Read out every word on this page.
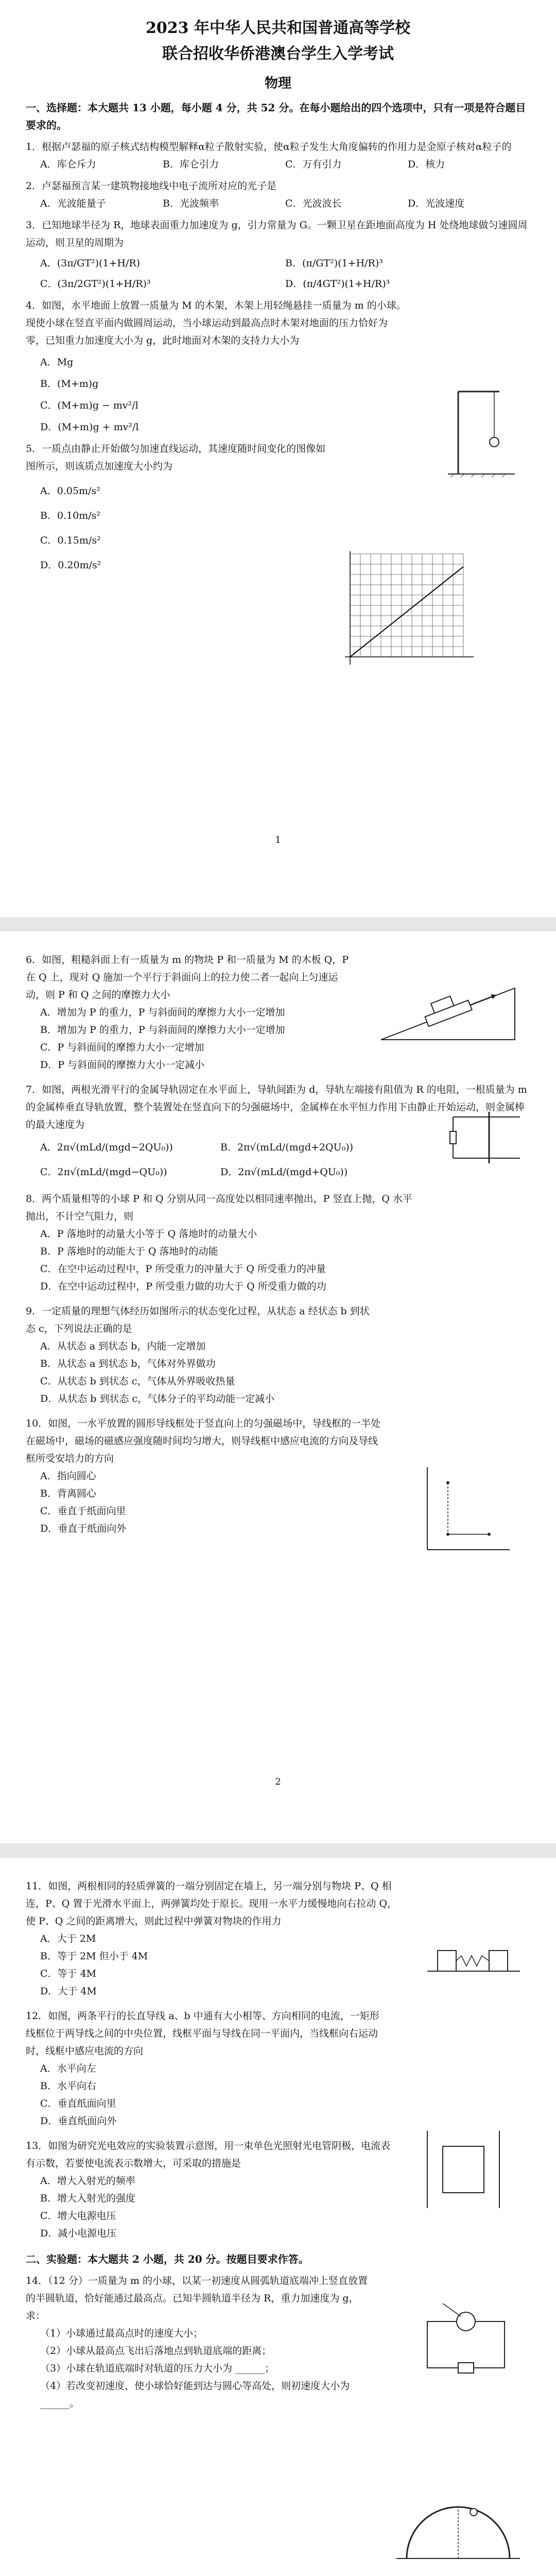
2023 年中华人民共和国普通高等学校
联合招收华侨港澳台学生入学考试
物理
一、选择题：本大题共 13 小题，每小题 4 分，共 52 分。在每小题给出的四个选项中，只有一项是符合题目要求的。
1．根据卢瑟福的原子核式结构模型解释α粒子散射实验，使α粒子发生大角度偏转的作用力是金原子核对α粒子的
A．库仑斥力	B．库仑引力	C．万有引力	D．核力
2．卢瑟福预言某一建筑物接地线中电子流所对应的光子是
A．光波能量子	B．光波频率	C．光波波长	D．光波速度
3．已知地球半径为 R，地球表面重力加速度为 g，引力常量为 G。一颗卫星在距地面高度为 H 处绕地球做匀速圆周运动，则卫星的周期为
A．(3π/GT²)(1+H/R)	B．(π/GT²)(1+H/R)³
C．(3π/2GT²)(1+H/R)³	D．(π/4GT²)(1+H/R)³
4．如图，水平地面上放置一质量为 M 的木架，木架上用轻绳悬挂一质量为 m 的小球。现使小球在竖直平面内做圆周运动，当小球运动到最高点时木架对地面的压力恰好为零，已知重力加速度大小为 g，此时地面对木架的支持力大小为
A．Mg
B．(M+m)g
C．(M+m)g − mv²/l
D．(M+m)g + mv²/l
5．一质点由静止开始做匀加速直线运动，其速度随时间变化的图像如图所示，则该质点加速度大小约为
A．0.05m/s²
B．0.10m/s²
C．0.15m/s²
D．0.20m/s²
1
6．如图，粗糙斜面上有一质量为 m 的物块 P 和一质量为 M 的木板 Q，P 在 Q 上，现对 Q 施加一个平行于斜面向上的拉力使二者一起向上匀速运动，则 P 和 Q 之间的摩擦力大小
A．增加为 P 的重力，P 与斜面间的摩擦力大小一定增加
B．增加为 P 的重力，P 与斜面间的摩擦力大小一定增加
C．P 与斜面间的摩擦力大小一定增加
D．P 与斜面间的摩擦力大小一定减小
7．如图，两根光滑平行的金属导轨固定在水平面上，导轨间距为 d，导轨左端接有阻值为 R 的电阻，一根质量为 m 的金属棒垂直导轨放置，整个装置处在竖直向下的匀强磁场中，金属棒在水平恒力作用下由静止开始运动，则金属棒的最大速度为
A．2π√(mLd/(mgd−2QU₀))	B．2π√(mLd/(mgd+2QU₀))
C．2π√(mLd/(mgd−QU₀))	D．2π√(mLd/(mgd+QU₀))
8．两个质量相等的小球 P 和 Q 分别从同一高度处以相同速率抛出，P 竖直上抛，Q 水平抛出，不计空气阻力，则
A．P 落地时的动量大小等于 Q 落地时的动量大小
B．P 落地时的动能大于 Q 落地时的动能
C．在空中运动过程中，P 所受重力的冲量大于 Q 所受重力的冲量
D．在空中运动过程中，P 所受重力做的功大于 Q 所受重力做的功
9．一定质量的理想气体经历如图所示的状态变化过程，从状态 a 经状态 b 到状态 c，下列说法正确的是
A．从状态 a 到状态 b，内能一定增加
B．从状态 a 到状态 b，气体对外界做功
C．从状态 b 到状态 c，气体从外界吸收热量
D．从状态 b 到状态 c，气体分子的平均动能一定减小
10．如图，一水平放置的圆形导线框处于竖直向上的匀强磁场中，导线框的一半处在磁场中，磁场的磁感应强度随时间均匀增大，则导线框中感应电流的方向及导线框所受安培力的方向
A．指向圆心
B．背离圆心
C．垂直于纸面向里
D．垂直于纸面向外
2
11．如图，两根相同的轻质弹簧的一端分别固定在墙上，另一端分别与物块 P、Q 相连，P、Q 置于光滑水平面上，两弹簧均处于原长。现用一水平力缓慢地向右拉动 Q，使 P、Q 之间的距离增大，则此过程中弹簧对物块的作用力
A．大于 2M
B．等于 2M 但小于 4M
C．等于 4M
D．大于 4M
12．如图，两条平行的长直导线 a、b 中通有大小相等、方向相同的电流，一矩形线框位于两导线之间的中央位置，线框平面与导线在同一平面内，当线框向右运动时，线框中感应电流的方向
A．水平向左
B．水平向右
C．垂直纸面向里
D．垂直纸面向外
13．如图为研究光电效应的实验装置示意图，用一束单色光照射光电管阴极，电流表有示数，若要使电流表示数增大，可采取的措施是
A．增大入射光的频率
B．增大入射光的强度
C．增大电源电压
D．减小电源电压
二、实验题：本大题共 2 小题，共 20 分。按题目要求作答。
14．（12 分）一质量为 m 的小球，以某一初速度从圆弧轨道底端冲上竖直放置的半圆轨道，恰好能通过最高点。已知半圆轨道半径为 R，重力加速度为 g，求：
（1）小球通过最高点时的速度大小；
（2）小球从最高点飞出后落地点到轨道底端的距离；
（3）小球在轨道底端时对轨道的压力大小为 ______；
（4）若改变初速度，使小球恰好能到达与圆心等高处，则初速度大小为 ______。
